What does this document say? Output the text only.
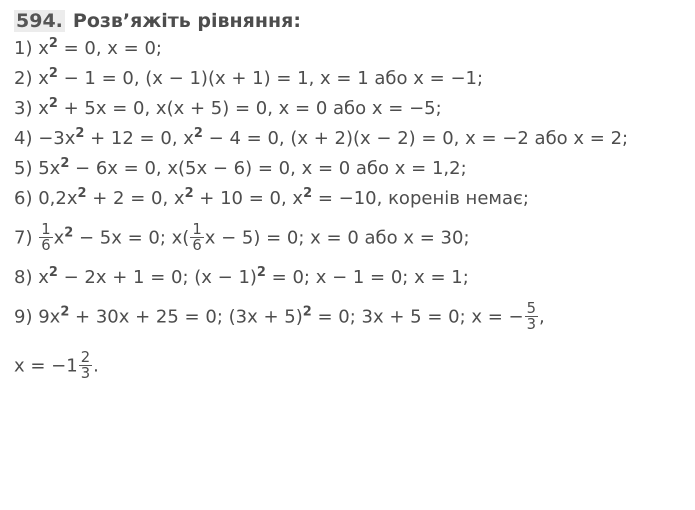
594. Розв’яжіть рівняння:
1) $x^2 = 0$, x = 0;
2) $x^2 - 1 = 0$, (x − 1)(x + 1) = 1, x = 1 або x = −1;
3) $x^2 + 5x = 0$, x(x + 5) = 0, x = 0 або x = −5;
$4) -3x^2 + 12 = 0$, $x^2 - 4 = 0$, (x + 2)(x − 2) = 0, x = −2 або x = 2;
5) $5x^2 - 6x = 0$, x(5x − 6) = 0, x = 0 або x = 1,2;
6) $0,2x^2 + 2 = 0$, $x^2 + 10 = 0$, $x^2 = -10$, коренів немає;
$7) \frac{1}{6} x^2 - 5x = 0$; $x( \frac{1}{6}$ x − 5) = 0; x = 0 або x = 30;
8) $x^2 - 2x + 1 = 0$; $(x - 1)^2 = 0$; x − 1 = 0; x = 1;
9) $9x^2 + 30x + 25 = 0$; $(3x + 5)^2 = 0$; 3x + 5 = 0; x = − $\frac{5}{3}$ ,
$x = -1 \frac{2}{3}$ .
